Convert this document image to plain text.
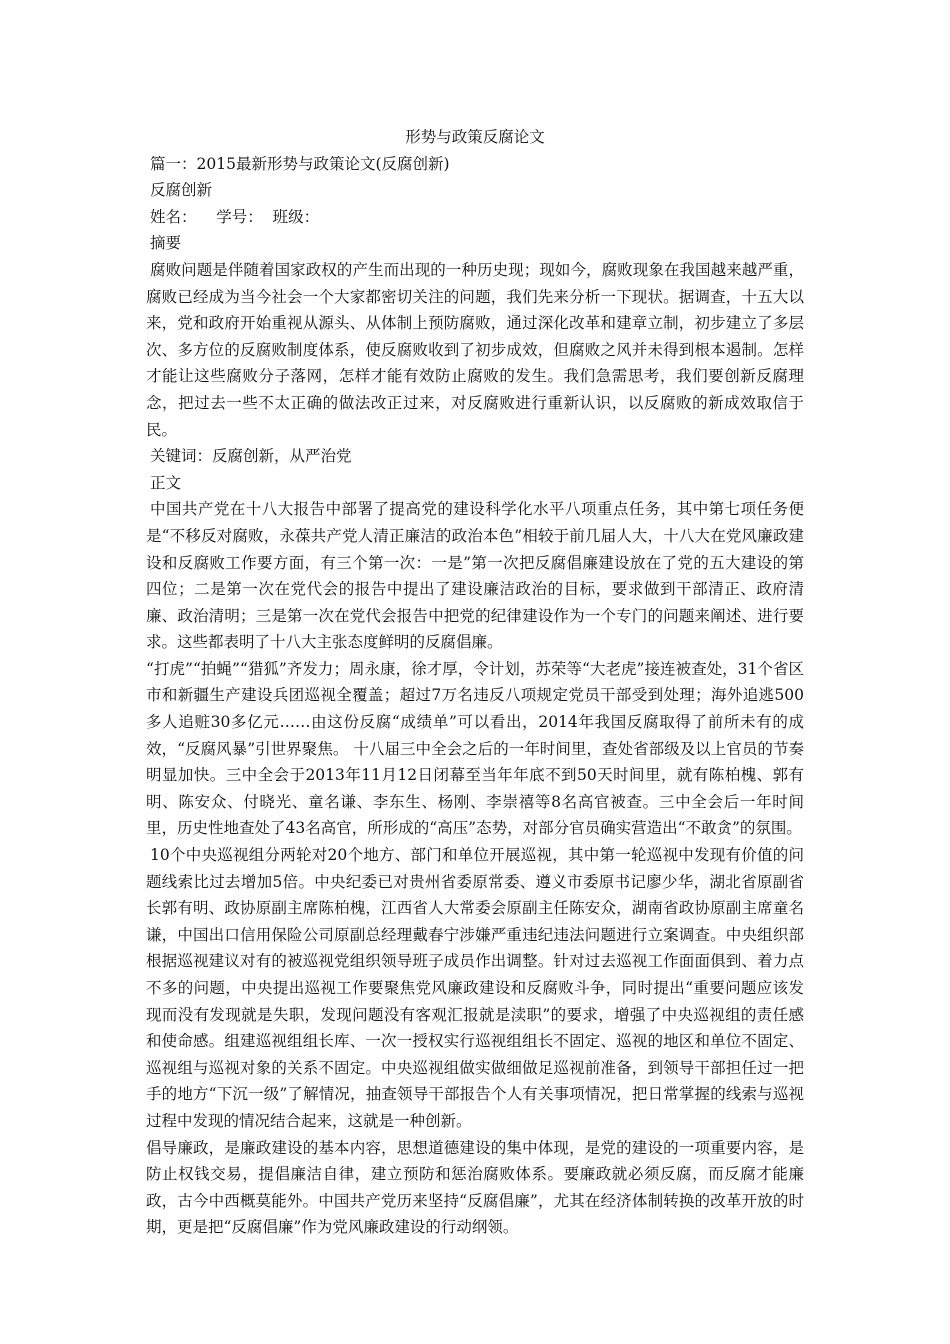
形势与政策反腐论文

篇一：2015最新形势与政策论文(反腐创新)

反腐创新

姓名：    学号：  班级：

摘要

腐败问题是伴随着国家政权的产生而出现的一种历史现；现如今，腐败现象在我国越来越严重，腐败已经成为当今社会一个大家都密切关注的问题，我们先来分析一下现状。据调查，十五大以来，党和政府开始重视从源头、从体制上预防腐败，通过深化改革和建章立制，初步建立了多层次、多方位的反腐败制度体系，使反腐败收到了初步成效，但腐败之风并未得到根本遏制。怎样才能让这些腐败分子落网，怎样才能有效防止腐败的发生。我们急需思考，我们要创新反腐理念，把过去一些不太正确的做法改正过来，对反腐败进行重新认识，以反腐败的新成效取信于民。

关键词：反腐创新，从严治党

正文

中国共产党在十八大报告中部署了提高党的建设科学化水平八项重点任务，其中第七项任务便是“不移反对腐败，永葆共产党人清正廉洁的政治本色”相较于前几届人大，十八大在党风廉政建设和反腐败工作要方面，有三个第一次：一是”第一次把反腐倡廉建设放在了党的五大建设的第四位；二是第一次在党代会的报告中提出了建设廉洁政治的目标，要求做到干部清正、政府清廉、政治清明；三是第一次在党代会报告中把党的纪律建设作为一个专门的问题来阐述、进行要求。这些都表明了十八大主张态度鲜明的反腐倡廉。

“打虎”“拍蝇”“猎狐”齐发力；周永康，徐才厚，令计划，苏荣等“大老虎”接连被查处，31个省区市和新疆生产建设兵团巡视全覆盖；超过7万名违反八项规定党员干部受到处理；海外追逃500多人追赃30多亿元……由这份反腐“成绩单”可以看出，2014年我国反腐取得了前所未有的成效，“反腐风暴”引世界聚焦。 十八届三中全会之后的一年时间里，查处省部级及以上官员的节奏明显加快。三中全会于2013年11月12日闭幕至当年年底不到50天时间里，就有陈柏槐、郭有明、陈安众、付晓光、童名谦、李东生、杨刚、李崇禧等8名高官被查。三中全会后一年时间里，历史性地查处了43名高官，所形成的“高压”态势，对部分官员确实营造出“不敢贪”的氛围。

10个中央巡视组分两轮对20个地方、部门和单位开展巡视，其中第一轮巡视中发现有价值的问题线索比过去增加5倍。中央纪委已对贵州省委原常委、遵义市委原书记廖少华，湖北省原副省长郭有明、政协原副主席陈柏槐，江西省人大常委会原副主任陈安众，湖南省政协原副主席童名谦，中国出口信用保险公司原副总经理戴春宁涉嫌严重违纪违法问题进行立案调查。中央组织部根据巡视建议对有的被巡视党组织领导班子成员作出调整。针对过去巡视工作面面俱到、着力点不多的问题，中央提出巡视工作要聚焦党风廉政建设和反腐败斗争，同时提出“重要问题应该发现而没有发现就是失职，发现问题没有客观汇报就是渎职”的要求，增强了中央巡视组的责任感和使命感。组建巡视组组长库、一次一授权实行巡视组组长不固定、巡视的地区和单位不固定、巡视组与巡视对象的关系不固定。中央巡视组做实做细做足巡视前准备，到领导干部担任过一把手的地方“下沉一级”了解情况，抽查领导干部报告个人有关事项情况，把日常掌握的线索与巡视过程中发现的情况结合起来，这就是一种创新。

倡导廉政，是廉政建设的基本内容，思想道德建设的集中体现，是党的建设的一项重要内容，是防止权钱交易，提倡廉洁自律，建立预防和惩治腐败体系。要廉政就必须反腐，而反腐才能廉政，古今中西概莫能外。中国共产党历来坚持“反腐倡廉”，尤其在经济体制转换的改革开放的时期，更是把“反腐倡廉”作为党风廉政建设的行动纲领。
